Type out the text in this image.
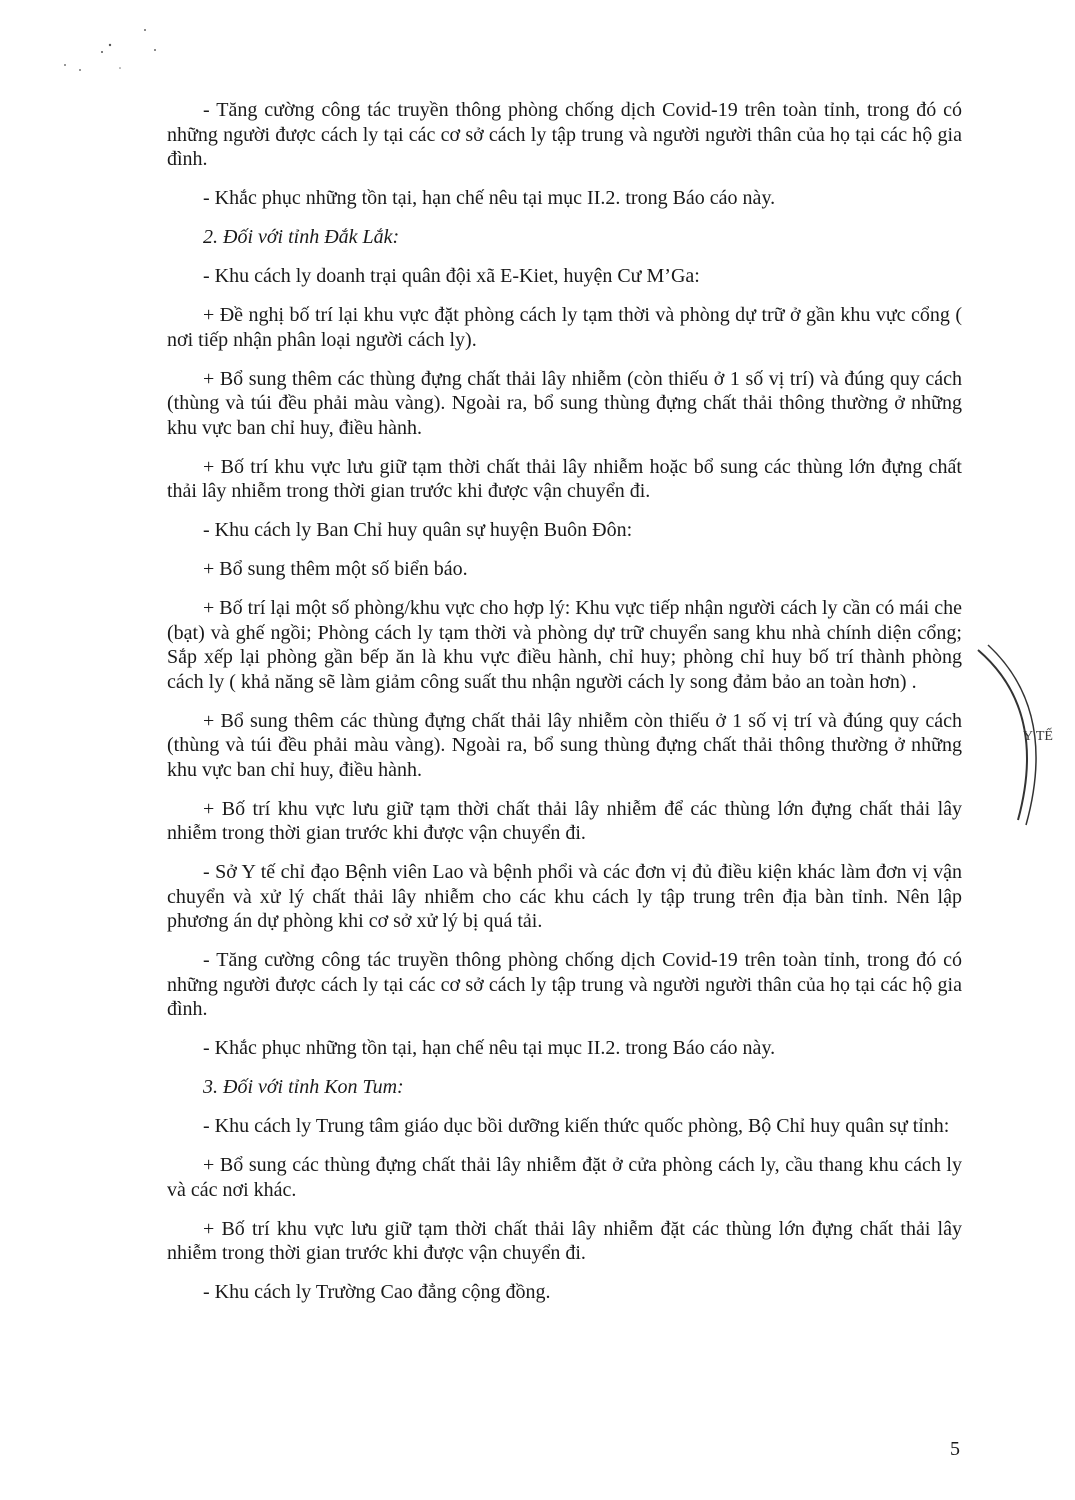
Y TẾ

- Tăng cường công tác truyền thông phòng chống dịch Covid-19 trên toàn tỉnh, trong đó có những người được cách ly tại các cơ sở cách ly tập trung và người người thân của họ tại các hộ gia đình.

- Khắc phục những tồn tại, hạn chế nêu tại mục II.2. trong Báo cáo này.

2. Đối với tỉnh Đắk Lắk:

- Khu cách ly doanh trại quân đội xã E-Kiet, huyện Cư M’Ga:

+ Đề nghị bố trí lại khu vực đặt phòng cách ly tạm thời và phòng dự trữ ở gần khu vực cổng ( nơi tiếp nhận phân loại người cách ly).

+ Bổ sung thêm các thùng đựng chất thải lây nhiễm (còn thiếu ở 1 số vị trí) và đúng quy cách (thùng và túi đều phải màu vàng). Ngoài ra, bổ sung thùng đựng chất thải thông thường ở những khu vực ban chỉ huy, điều hành.

+ Bố trí khu vực lưu giữ tạm thời chất thải lây nhiễm hoặc bổ sung các thùng lớn đựng chất thải lây nhiễm trong thời gian trước khi được vận chuyển đi.

- Khu cách ly Ban Chỉ huy quân sự huyện Buôn Đôn:

+ Bổ sung thêm một số biển báo.

+ Bố trí lại một số phòng/khu vực cho hợp lý: Khu vực tiếp nhận người cách ly cần có mái che (bạt) và ghế ngồi; Phòng cách ly tạm thời và phòng dự trữ chuyển sang khu nhà chính diện cổng; Sắp xếp lại phòng gần bếp ăn là khu vực điều hành, chỉ huy; phòng chỉ huy bố trí thành phòng cách ly ( khả năng sẽ làm giảm công suất thu nhận người cách ly song đảm bảo an toàn hơn) .

+ Bổ sung thêm các thùng đựng chất thải lây nhiễm còn thiếu ở 1 số vị trí và đúng quy cách (thùng và túi đều phải màu vàng). Ngoài ra, bổ sung thùng đựng chất thải thông thường ở những khu vực ban chỉ huy, điều hành.

+ Bố trí khu vực lưu giữ tạm thời chất thải lây nhiễm để các thùng lớn đựng chất thải lây nhiễm trong thời gian trước khi được vận chuyển đi.

- Sở Y tế chỉ đạo Bệnh viên Lao và bệnh phổi và các đơn vị đủ điều kiện khác làm đơn vị vận chuyển và xử lý chất thải lây nhiễm cho các khu cách ly tập trung trên địa bàn tỉnh. Nên lập phương án dự phòng khi cơ sở xử lý bị quá tải.

- Tăng cường công tác truyền thông phòng chống dịch Covid-19 trên toàn tỉnh, trong đó có những người được cách ly tại các cơ sở cách ly tập trung và người người thân của họ tại các hộ gia đình.

- Khắc phục những tồn tại, hạn chế nêu tại mục II.2. trong Báo cáo này.

3. Đối với tỉnh Kon Tum:

- Khu cách ly Trung tâm giáo dục bồi dưỡng kiến thức quốc phòng, Bộ Chỉ huy quân sự tỉnh:

+ Bổ sung các thùng đựng chất thải lây nhiễm đặt ở cửa phòng cách ly, cầu thang khu cách ly và các nơi khác.

+ Bố trí khu vực lưu giữ tạm thời chất thải lây nhiễm đặt các thùng lớn đựng chất thải lây nhiễm trong thời gian trước khi được vận chuyển đi.

- Khu cách ly Trường Cao đẳng cộng đồng.

5
